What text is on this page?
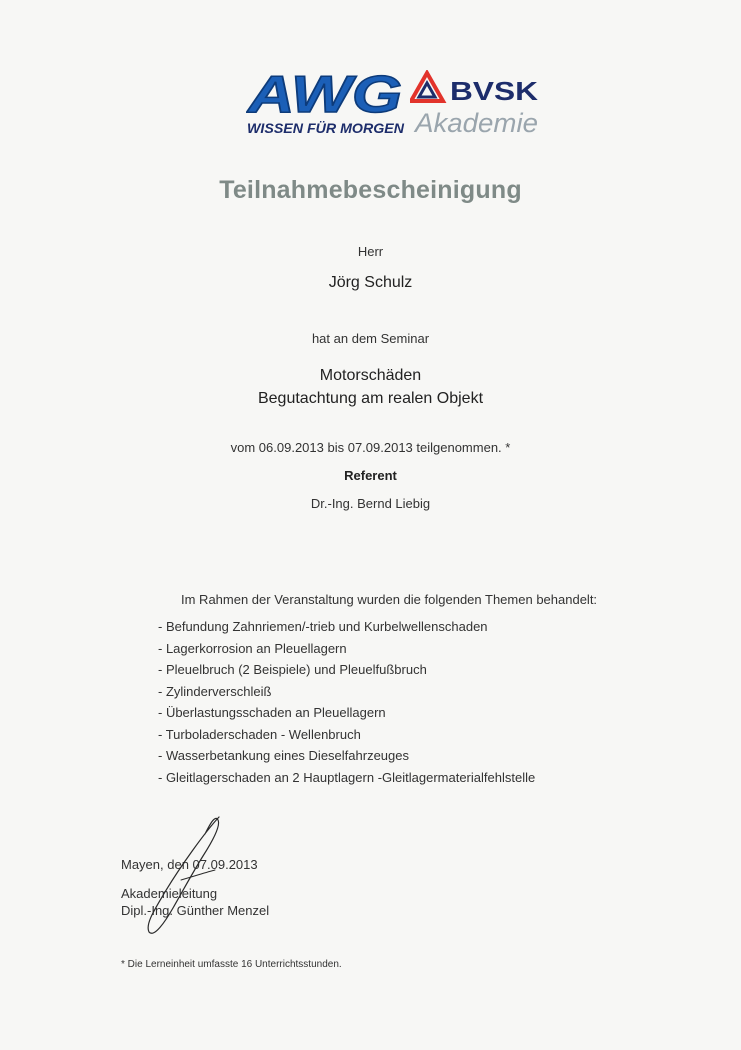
AWG
WISSEN FÜR MORGEN
BVSK
Akademie
Teilnahmebescheinigung
Herr
Jörg Schulz
hat an dem Seminar
Motorschäden
Begutachtung am realen Objekt
vom 06.09.2013 bis 07.09.2013 teilgenommen. *
Referent
Dr.-Ing. Bernd Liebig
Im Rahmen der Veranstaltung wurden die folgenden Themen behandelt:
- Befundung Zahnriemen/-trieb und Kurbelwellenschaden
- Lagerkorrosion an Pleuellagern
- Pleuelbruch (2 Beispiele) und Pleuelfußbruch
- Zylinderverschleiß
- Überlastungsschaden an Pleuellagern
- Turboladerschaden - Wellenbruch
- Wasserbetankung eines Dieselfahrzeuges
- Gleitlagerschaden an 2 Hauptlagern -Gleitlagermaterialfehlstelle
Mayen, den 07.09.2013
Akademieleitung
Dipl.-Ing. Günther Menzel
* Die Lerneinheit umfasste 16 Unterrichtsstunden.
